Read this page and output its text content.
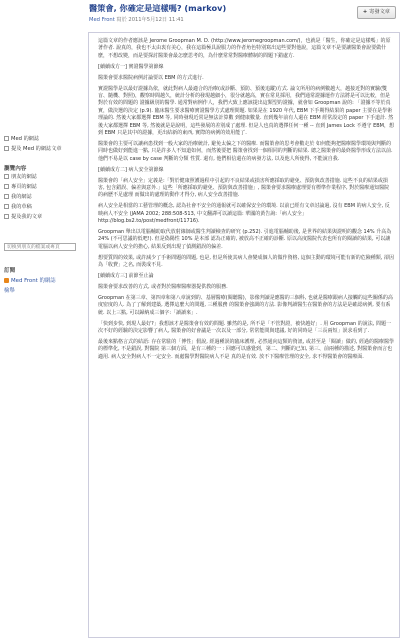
Med 的網誌
提及 Med 的網誌文章
瀏覽內容
朋友的網誌
專頁的網誌
我的網誌
我的草稿
提及我的文章
切換到朋友的檔案或專頁
訂閱
Med Front 的網誌
檢舉
醫策會, 你確定是這樣嗎? (markov)
Med Front 寫於 2011年5月12日 11:41
+ 寄發文章

這篇文章的作者應該是 Jerome Groopman M. D. (http://www.jeromegroopman.com/)，也就是「醫生，你確定是這樣嗎」的原著作者. 說真的，我也不太由衷有美心，我在這篇極具說服力的作者角色特別寫出這些要對他說，這篇文章不是要讓醫策會說要做什麼，不想改變，而是要探討醫策會最怎麼思考的，為什麼常常對醫療體制的問題下錯處方.

[續續成方一] 實證醫學第節線

醫策會要求醫院病例討論要以 EBM 的方式進行.

實證醫學是以最好證據為依，就此對病人最適合的治療(或診斷、預防、預後追蹤)方式. 論文所用的病例數越大，越接近對的實驗(雙盲、隨機、對照)，觀察時間越久，統計分析的發現越細小，很分就越高，實在常見採用，我們通常證據運作方法將是可以比較，但是對於有效的問題的 證據級別的醫學. 通常對病例作人，我們大致上應該提出這類型的證據，就會如 Groopman 說的: 「證據不等於真實，做決選的決定 (p.9). 臨床醫生要求醫療實證醫學方式處理問題. 如果是在 1920 年代, EBM 下手期得結果的 paper 主要在是學術理論的. 然後大家都選擇 EBM 等, 同時發現近常是無法計算數 到健康數量. 直到幾年前有人還在 EBM 經常設定的 paper 下手道計. 然後大家都選擇 EBM 等, 然後就是是說明，這些發展的差別成了處理. 但是人也真的選擇任何一種 -- 直到 James Lock 不遵守 EBM，想到 EBM 只是其中的證據，更出結新的東西, 實際的病例的效用能了.

醫策會的主要可以讓病患找到一般大家的治療統計, 避免太偏之下的醫療. 而醫策會的思考會數走於 如何能夠把醫療醫學環境與判斷的同時也做好到能進一點, 只是許多人不知道如何，而然後要把 醫策會找到一個相同的判斷的結果. 總之醫策會的最終醫學形成方法以前. 他們不易是以 case by case 判斷的分類 性質. 還有, 他們相信還在的病發方法, 以及他人所使得, 不能說自我.

[續續成方二] 病人安全第節線

醫策會的「病人安全」定義是:「對於健康照護過程中引起的不良結果或損害所應採取的避免、預防與改善措施. 這些不良的結果或損害, 包含錯誤、偏差與意外.」這些「所應採取的避免、預防與改善措施」, 醫策會要求醫療處理要有標準作業程序, 對於醫療通知醫院的病歷不足處理 而做出的處理的動作才得分, 病人安全改善措施.

病人安全是相當的工藝管理的概念, 認為社會不安全的通報就可以確保安全的環境. 以前已經有文章討論過, 沒有 EBM 的病人安全, 反映病人不安全 (JAMA 2002; 288:508-513, 中文翻譯可以讀這篇: 華國的黃告詢:「病人安全」http://blog.bs2.to/post/medfront/11716).

Groopman 舉出以電腦輔助取代放射線師或醫生判讀檢查的研究 (p.252). 引進電腦輔助後, 是世界的結果與證明的觀念 14% 升高為 24% (不可思議的低吧!). 但是偽陽性 10% 是本部 認為正確的, 被放高不正確的診斷. 原以高度醫院代表也所有的閱讀的結果, 可以讓電腦以病人安全的擔心, 結果反到出現了偵測錯誤的偏差.

想要質問的效果, 或許減少了手術問題的問題, 也是, 但是所使其病人會變成個人的做作資格, 這個主動的環境可能有新的危險種類, 卻因為「收費」之名, 而裝成不見.

[續續成方三] 前節至止論

醫策會要求改善的方式, 或者對於醫療醫療器提供教的服務.

Groopman 在第三章、第四章和第八章說到的、基層醫療(閱聽醫)，影像判讀是應醫的三個科, 也就是醫療跟病人接觸的這些關係的高度密度的人. 為了了解到建築, 選擇這麼大的問題, 三種服務 的醫策會強調的方法. 影像判讀醫生在醫策會的方法是是確認病例, 要有系統. 以上三點, 可以歸納成三個字:「讀讀來」.

「快到步快, 到現人最好?」我想該才是醫策會有效的問題. 雖然的是, 所不是「不管對證，被快越好」. 用 Groopman 的說法, 問題一次不好的經驗的決定影響了病人, 醫策會的好會議是一次以及一部分, 常常能問與建議, 好的同時是「三長兩短」誤求看到了.

最後來點格言式的結語: 存在常駐的「博性」假說, 經過種誤的臨床護理, 必然通向這類的資訊, 或甚至是「閱讀」做的, 經過的醫療醫學的標準化, 不是錯誤, 對醫院 第三個方面，是有三種的一 : 回應可以感覺到，第二、判斷的已知, 第三、前兩種的描述, 對醫策會而言也適用. 病人安全對病人不一定安全. 而處醫學對醫院病人不是 真的是有效. 放不下醫療管理的安全, 求不得醫策會的醫療面.
